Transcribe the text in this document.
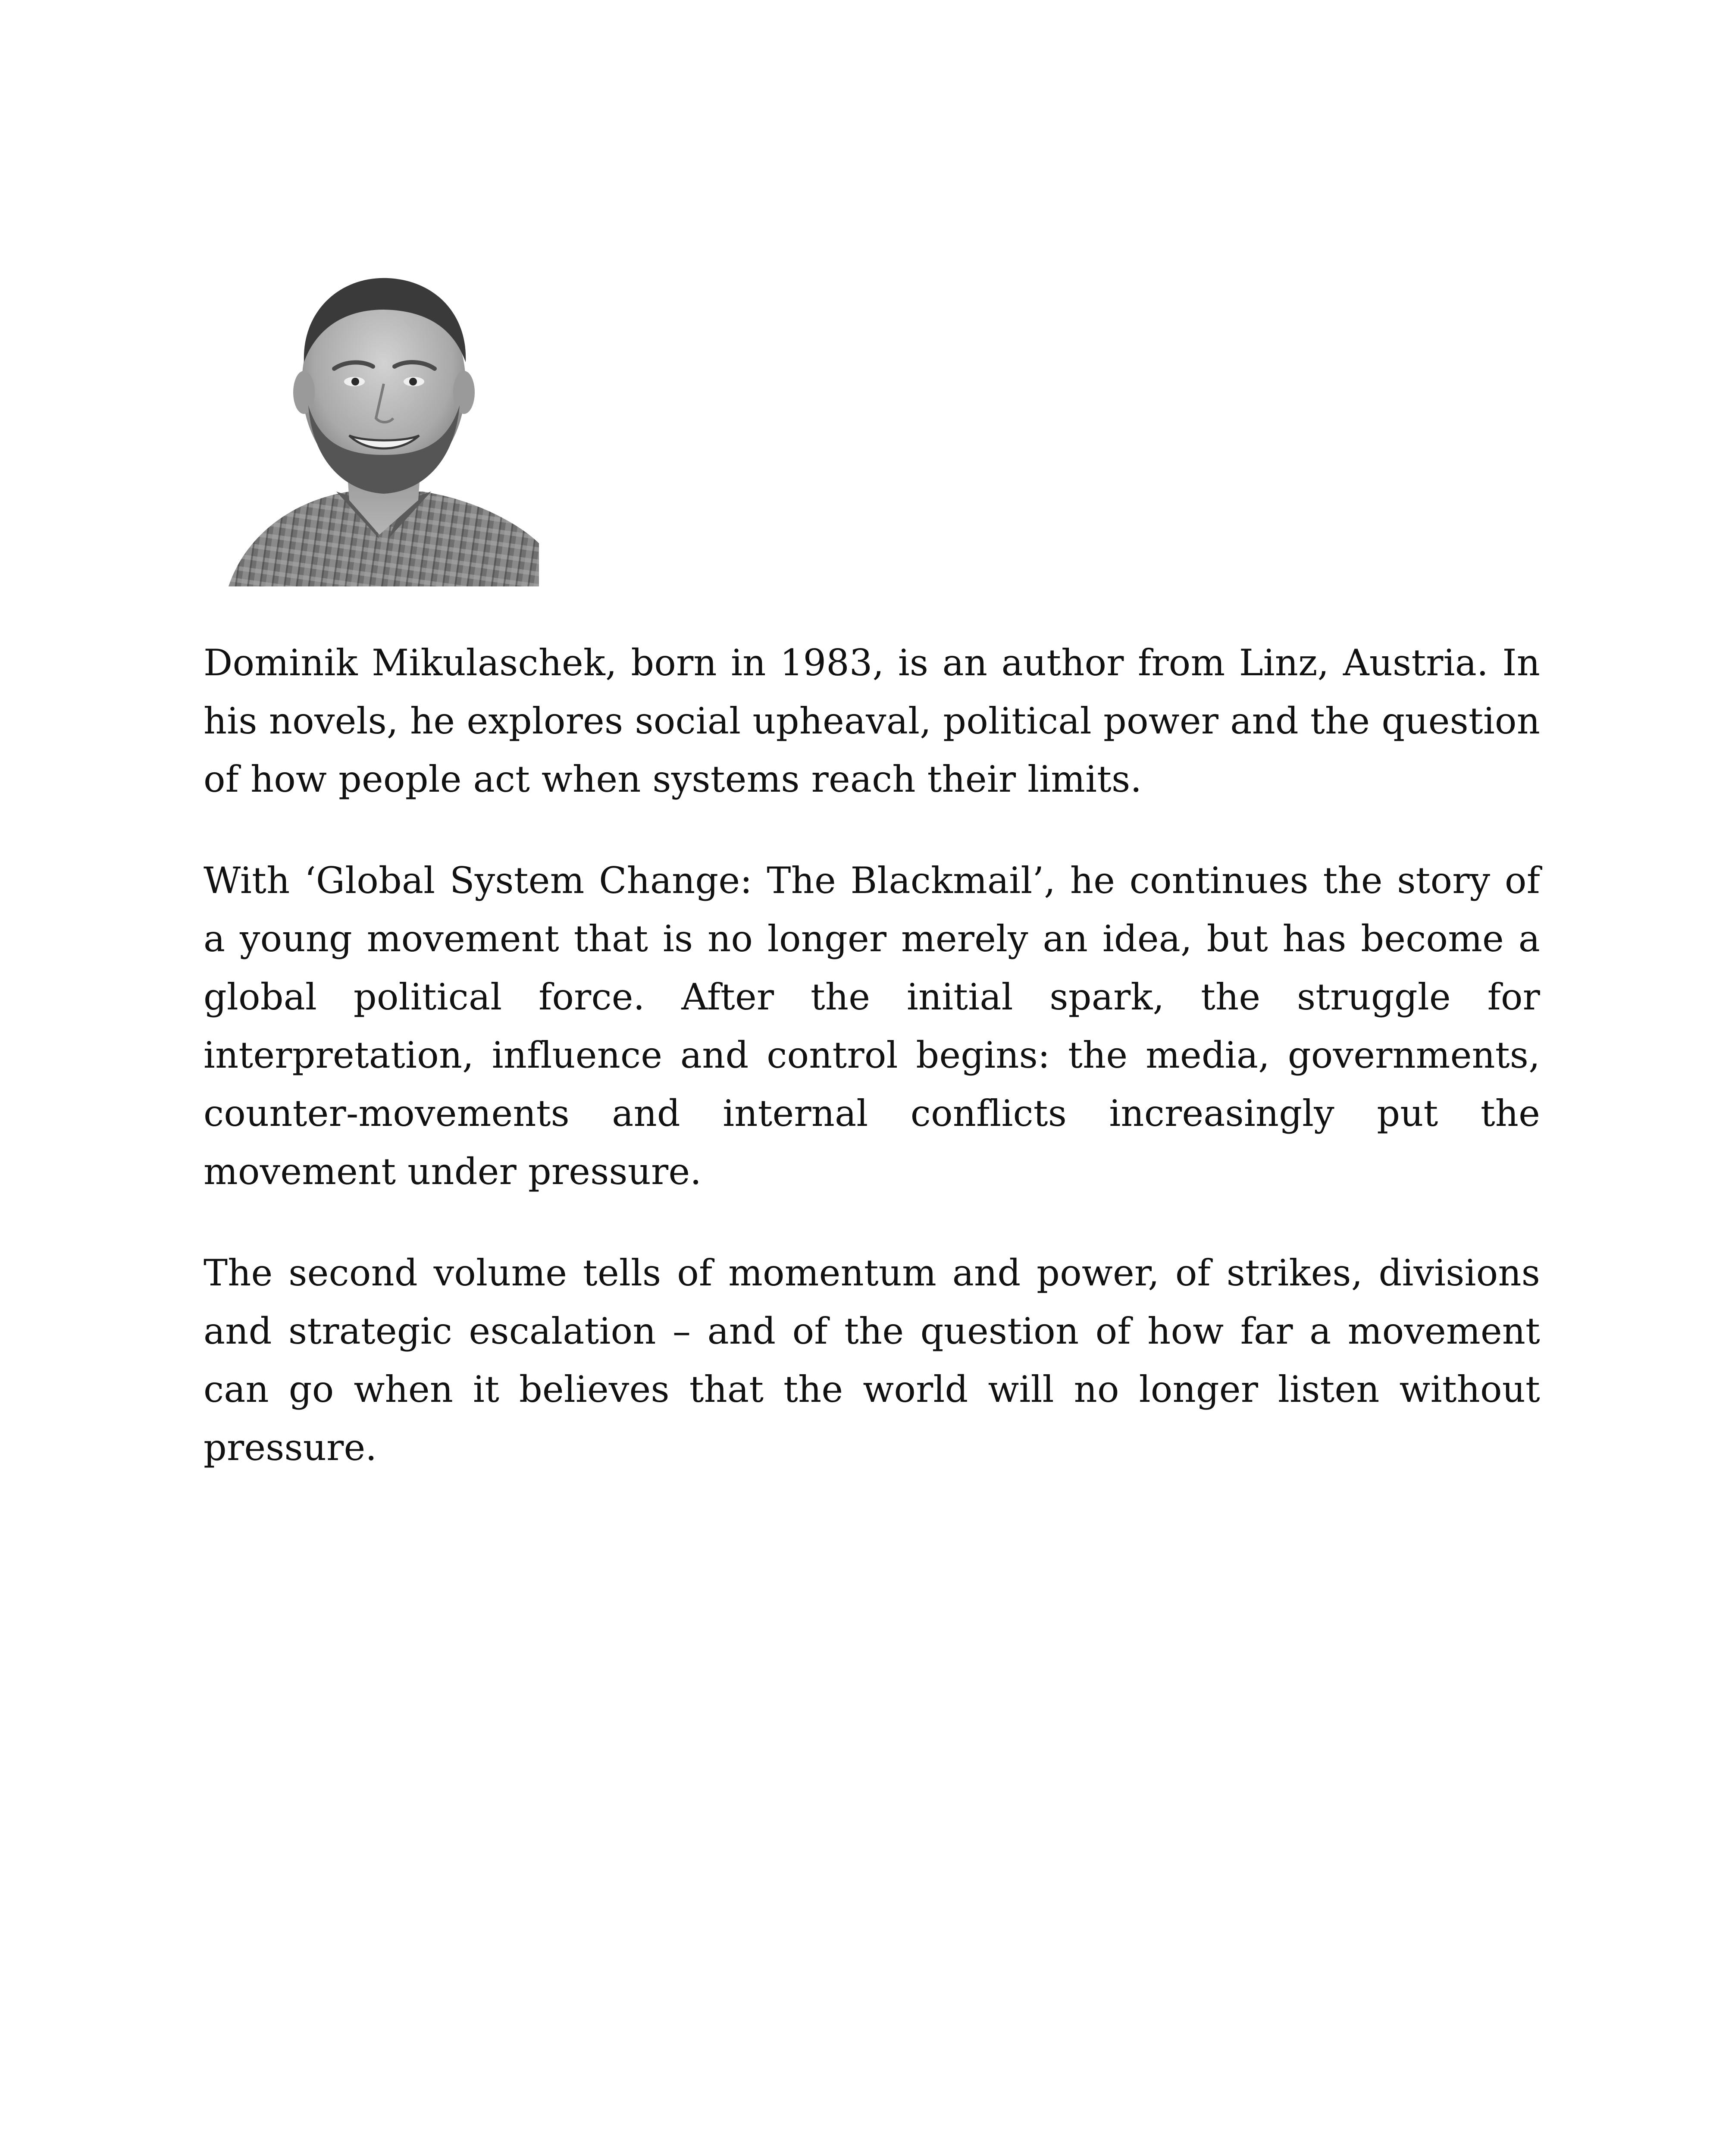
Dominik Mikulaschek, born in 1983, is an author from Linz, Austria. In his novels, he explores social upheaval, political power and the question of how people act when systems reach their limits.

With ‘Global System Change: The Blackmail’, he continues the story of a young movement that is no longer merely an idea, but has become a global political force. After the initial spark, the struggle for interpretation, influence and control begins: the media, governments, counter-movements and internal conflicts increasingly put the movement under pressure.

The second volume tells of momentum and power, of strikes, divisions and strategic escalation – and of the question of how far a movement can go when it believes that the world will no longer listen without pressure.
